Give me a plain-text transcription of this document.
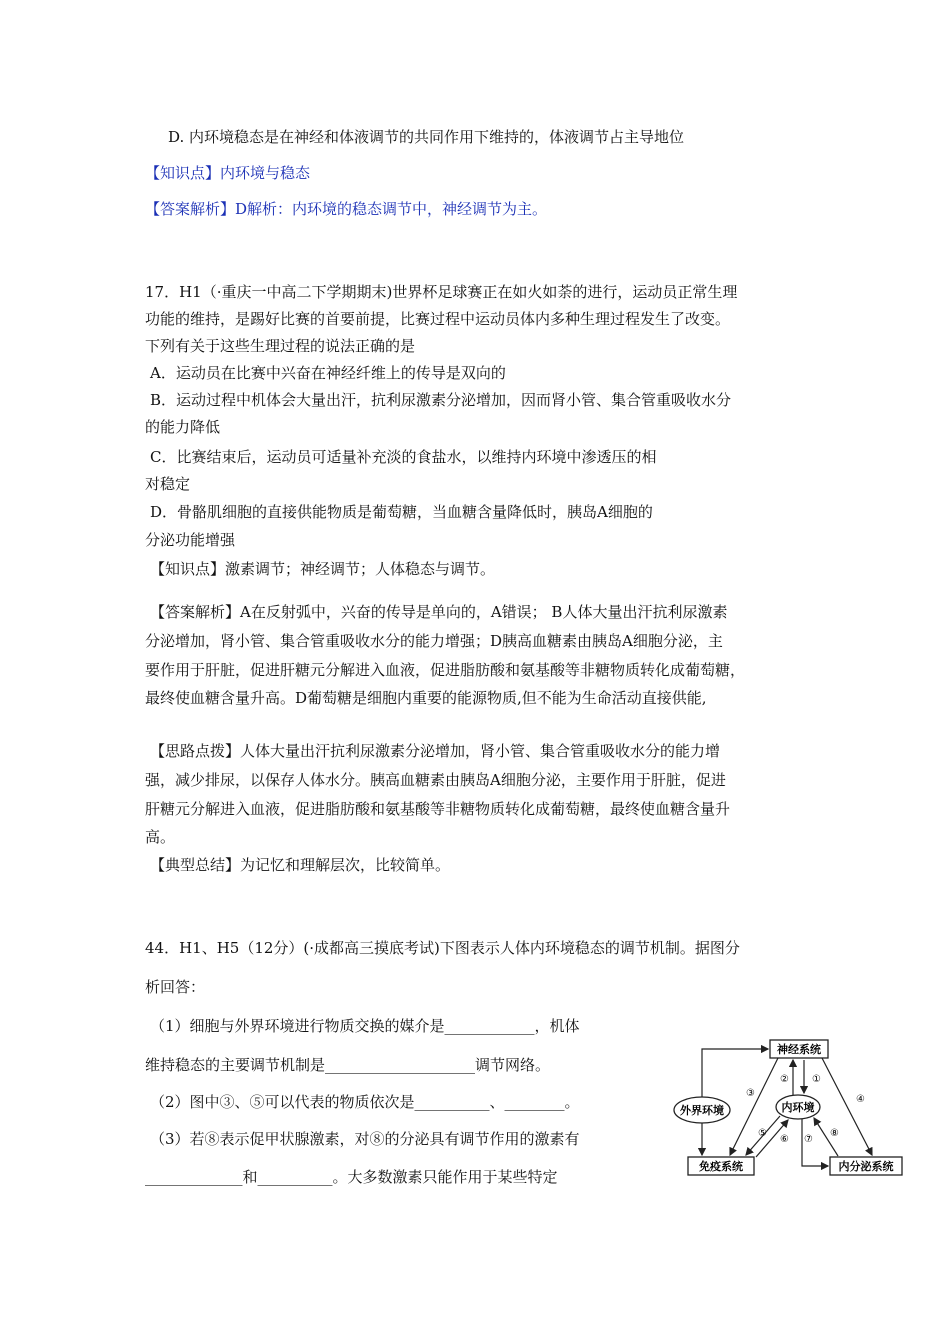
D. 内环境稳态是在神经和体液调节的共同作用下维持的，体液调节占主导地位
【知识点】内环境与稳态
【答案解析】D解析：内环境的稳态调节中，神经调节为主。
17．H1（·重庆一中高二下学期期末)世界杯足球赛正在如火如荼的进行，运动员正常生理
功能的维持，是踢好比赛的首要前提，比赛过程中运动员体内多种生理过程发生了改变。
下列有关于这些生理过程的说法正确的是
A．运动员在比赛中兴奋在神经纤维上的传导是双向的
B．运动过程中机体会大量出汗，抗利尿激素分泌增加，因而肾小管、集合管重吸收水分
的能力降低
C．比赛结束后，运动员可适量补充淡的食盐水，以维持内环境中渗透压的相
对稳定
D．骨骼肌细胞的直接供能物质是葡萄糖，当血糖含量降低时，胰岛A细胞的
分泌功能增强
【知识点】激素调节；神经调节；人体稳态与调节。
【答案解析】A在反射弧中，兴奋的传导是单向的，A错误； B人体大量出汗抗利尿激素
分泌增加，肾小管、集合管重吸收水分的能力增强；D胰高血糖素由胰岛A细胞分泌，主
要作用于肝脏，促进肝糖元分解进入血液，促进脂肪酸和氨基酸等非糖物质转化成葡萄糖，
最终使血糖含量升高。D葡萄糖是细胞内重要的能源物质,但不能为生命活动直接供能,
【思路点拨】人体大量出汗抗利尿激素分泌增加，肾小管、集合管重吸收水分的能力增
强，减少排尿，以保存人体水分。胰高血糖素由胰岛A细胞分泌，主要作用于肝脏，促进
肝糖元分解进入血液，促进脂肪酸和氨基酸等非糖物质转化成葡萄糖，最终使血糖含量升
高。
【典型总结】为记忆和理解层次，比较简单。
44．H1、H5（12分）(·成都高三摸底考试)下图表示人体内环境稳态的调节机制。据图分
析回答：
（1）细胞与外界环境进行物质交换的媒介是____________，机体
维持稳态的主要调节机制是____________________调节网络。
（2）图中③、⑤可以代表的物质依次是__________、________。
（3）若⑧表示促甲状腺激素，对⑧的分泌具有调节作用的激素有
_____________和__________。大多数激素只能作用于某些特定
神经系统
外界环境	内环境
免疫系统	内分泌系统
①
②
③
④
⑤
⑥ ⑦
⑧
